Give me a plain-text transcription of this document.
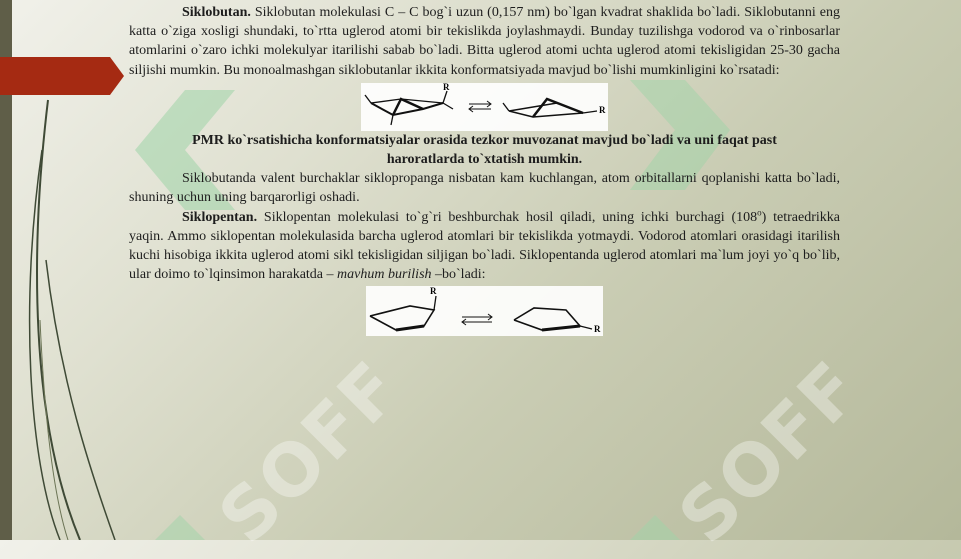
SOFF	SOFF

Siklobutan. Siklobutan molekulasi C – C bog`i uzun (0,157 nm) bo`lgan kvadrat shaklida bo`ladi. Siklobutanni eng katta o`ziga xosligi shundaki, to`rtta uglerod atomi bir tekislikda joylashmaydi. Bunday tuzilishga vodorod va o`rinbosarlar atomlarini o`zaro ichki molekulyar itarilishi sabab bo`ladi. Bitta uglerod atomi uchta uglerod atomi tekisligidan 25-30 gacha siljishi mumkin. Bu monoalmashgan siklobutanlar ikkita konformatsiyada mavjud bo`lishi mumkinligini ko`rsatadi:

R
R

PMR ko`rsatishicha konformatsiyalar orasida tezkor muvozanat mavjud bo`ladi va uni faqat past haroratlarda to`xtatish mumkin.

Siklobutanda valent burchaklar siklopropanga nisbatan kam kuchlangan, atom orbitallarni qoplanishi katta bo`ladi, shuning uchun uning barqarorligi oshadi.

Siklopentan. Siklopentan molekulasi to`g`ri beshburchak hosil qiladi, uning ichki burchagi (108$^o$) tetraedrikka yaqin. Ammo siklopentan molekulasida barcha uglerod atomlari bir tekislikda yotmaydi. Vodorod atomlari orasidagi itarilish kuchi hisobiga ikkita uglerod atomi sikl tekisligidan siljigan bo`ladi. Siklopentanda uglerod atomlari ma`lum joyi yo`q bo`lib, ular doimo to`lqinsimon harakatda – mavhum burilish –bo`ladi:

R
R
